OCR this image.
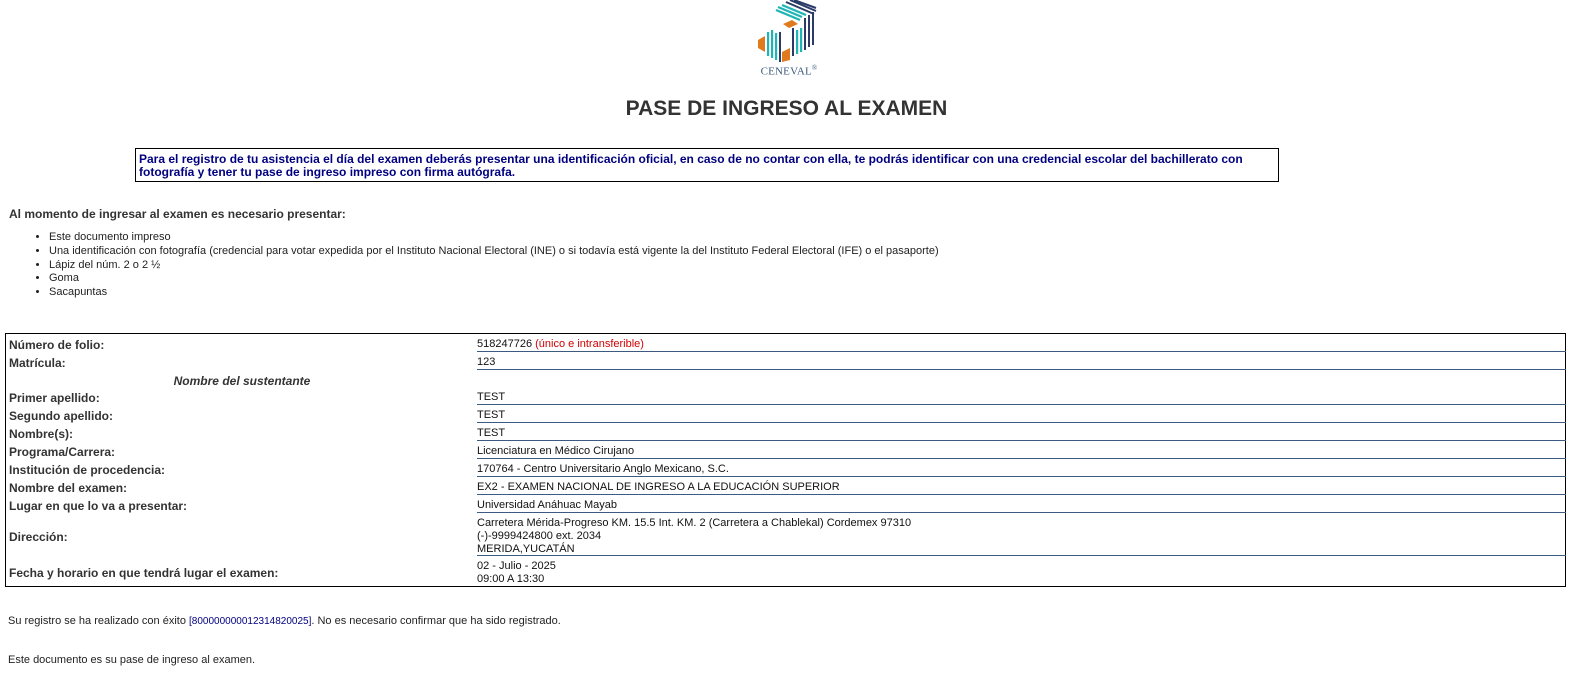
CENEVAL®
PASE DE INGRESO AL EXAMEN
Para el registro de tu asistencia el día del examen deberás presentar una identificación oficial, en caso de no contar con ella, te podrás identificar con una credencial escolar del bachillerato con fotografía y tener tu pase de ingreso impreso con firma autógrafa.
Al momento de ingresar al examen es necesario presentar:
• Este documento impreso
• Una identificación con fotografía (credencial para votar expedida por el Instituto Nacional Electoral (INE) o si todavía está vigente la del Instituto Federal Electoral (IFE) o el pasaporte)
• Lápiz del núm. 2 o 2 ½
• Goma
• Sacapuntas
Número de folio:	518247726 (único e intransferible)
Matrícula:	123
Nombre del sustentante
Primer apellido:	TEST
Segundo apellido:	TEST
Nombre(s):	TEST
Programa/Carrera:	Licenciatura en Médico Cirujano
Institución de procedencia:	170764 - Centro Universitario Anglo Mexicano, S.C.
Nombre del examen:	EX2 - EXAMEN NACIONAL DE INGRESO A LA EDUCACIÓN SUPERIOR
Lugar en que lo va a presentar:	Universidad Anáhuac Mayab
Dirección:
Carretera Mérida-Progreso KM. 15.5 Int. KM. 2 (Carretera a Chablekal) Cordemex 97310
(-)-9999424800 ext. 2034
MERIDA,YUCATÁN
Fecha y horario en que tendrá lugar el examen:	02 - Julio - 2025
09:00 A 13:30
Su registro se ha realizado con éxito [800000000012314820025]. No es necesario confirmar que ha sido registrado.
Este documento es su pase de ingreso al examen.
